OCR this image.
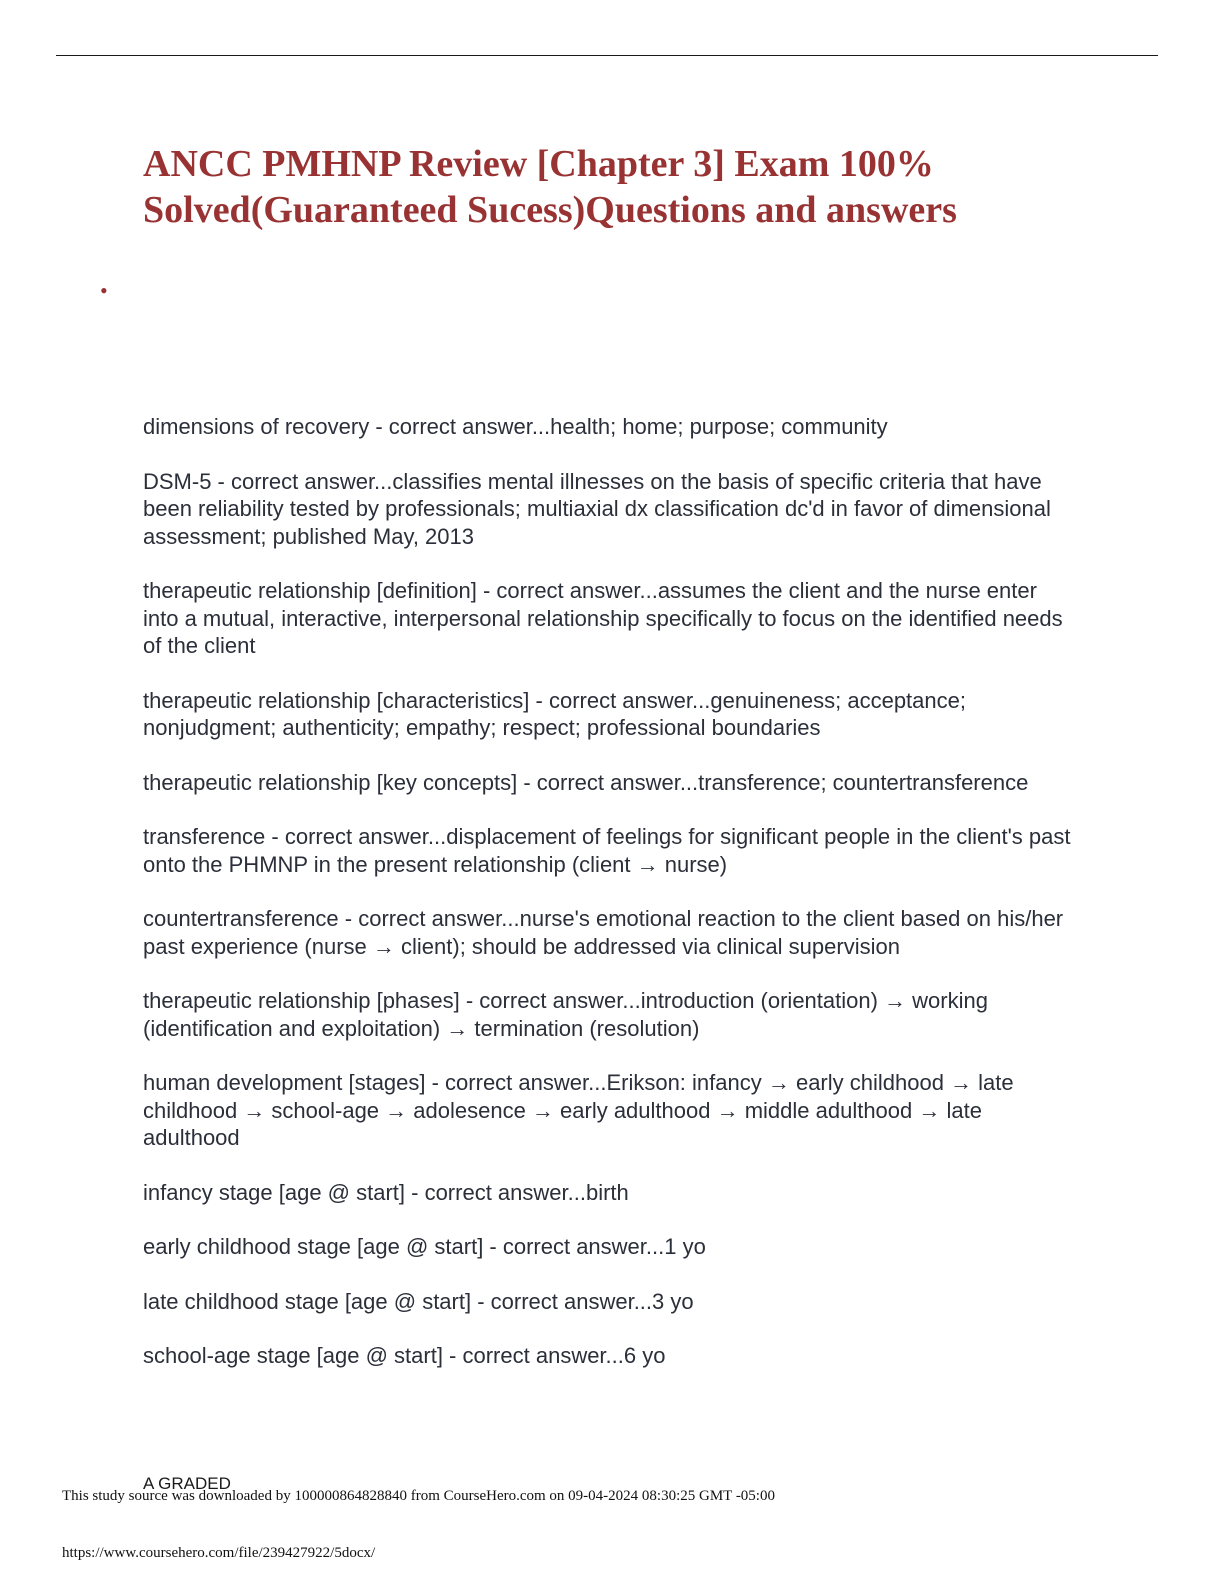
ANCC PMHNP Review [Chapter 3] Exam 100% Solved(Guaranteed Sucess)Questions and answers
•
dimensions of recovery - correct answer...health; home; purpose; community
DSM-5 - correct answer...classifies mental illnesses on the basis of specific criteria that have been reliability tested by professionals; multiaxial dx classification dc'd in favor of dimensional assessment; published May, 2013
therapeutic relationship [definition] - correct answer...assumes the client and the nurse enter into a mutual, interactive, interpersonal relationship specifically to focus on the identified needs of the client
therapeutic relationship [characteristics] - correct answer...genuineness; acceptance; nonjudgment; authenticity; empathy; respect; professional boundaries
therapeutic relationship [key concepts] - correct answer...transference; countertransference
transference - correct answer...displacement of feelings for significant people in the client's past onto the PHMNP in the present relationship (client → nurse)
countertransference - correct answer...nurse's emotional reaction to the client based on his/her past experience (nurse → client); should be addressed via clinical supervision
therapeutic relationship [phases] - correct answer...introduction (orientation) → working (identification and exploitation) → termination (resolution)
human development [stages] - correct answer...Erikson: infancy → early childhood → late childhood → school-age → adolesence → early adulthood → middle adulthood → late adulthood
infancy stage [age @ start] - correct answer...birth
early childhood stage [age @ start] - correct answer...1 yo
late childhood stage [age @ start] - correct answer...3 yo
school-age stage [age @ start] - correct answer...6 yo
A GRADED
This study source was downloaded by 100000864828840 from CourseHero.com on 09-04-2024 08:30:25 GMT -05:00
https://www.coursehero.com/file/239427922/5docx/
